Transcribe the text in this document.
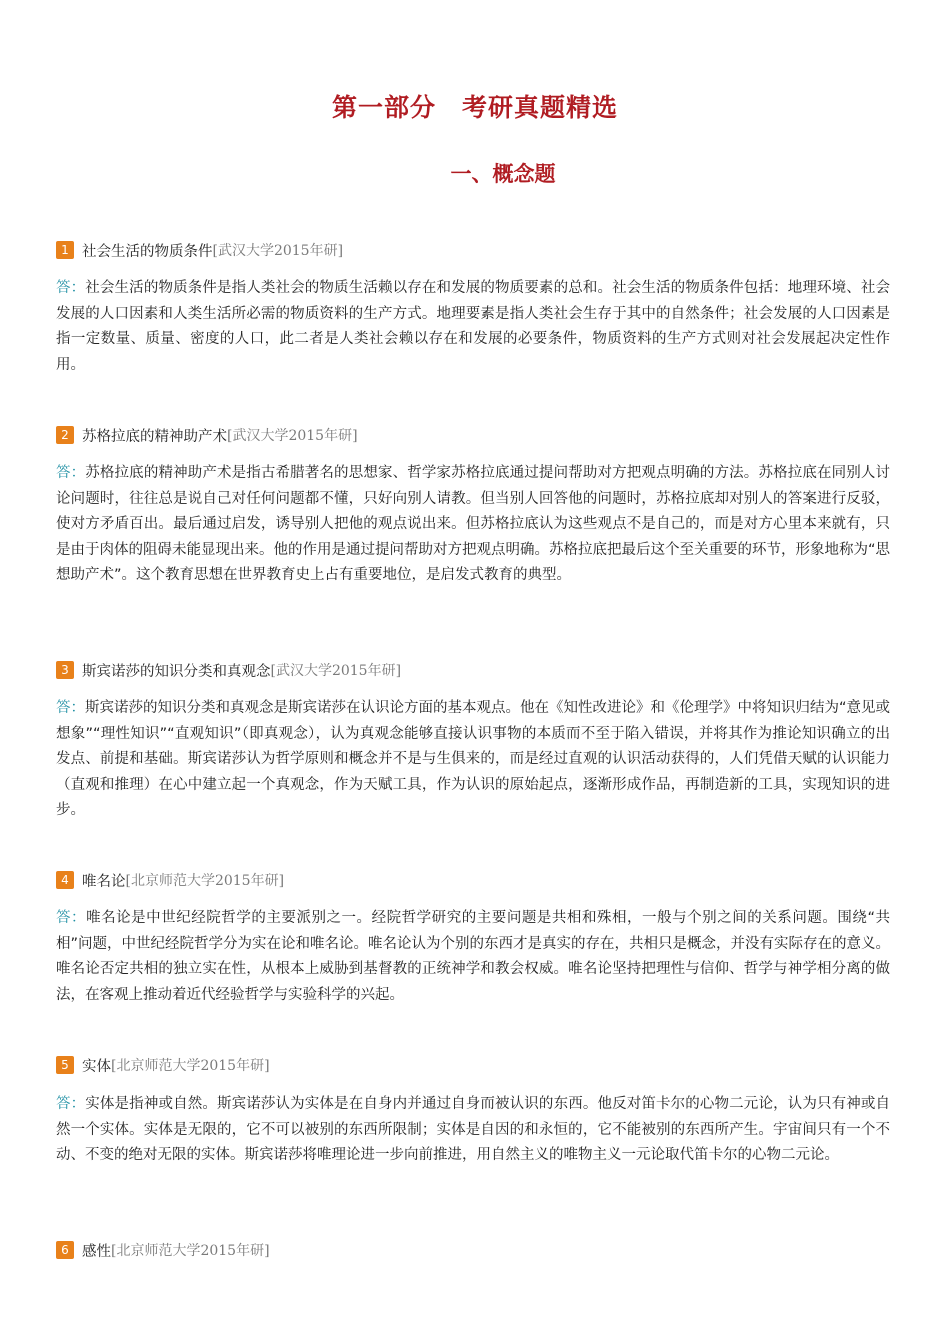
第一部分 考研真题精选
一、概念题
1 社会生活的物质条件 [武汉大学2015年研]

答：社会生活的物质条件是指人类社会的物质生活赖以存在和发展的物质要素的总和。社会生活的物质条件包括：地理环境、社会发展的人口因素和人类生活所必需的物质资料的生产方式。地理要素是指人类社会生存于其中的自然条件；社会发展的人口因素是指一定数量、质量、密度的人口，此二者是人类社会赖以存在和发展的必要条件，物质资料的生产方式则对社会发展起决定性作用。

2 苏格拉底的精神助产术 [武汉大学2015年研]

答：苏格拉底的精神助产术是指古希腊著名的思想家、哲学家苏格拉底通过提问帮助对方把观点明确的方法。苏格拉底在同别人讨论问题时，往往总是说自己对任何问题都不懂，只好向别人请教。但当别人回答他的问题时，苏格拉底却对别人的答案进行反驳，使对方矛盾百出。最后通过启发，诱导别人把他的观点说出来。但苏格拉底认为这些观点不是自己的，而是对方心里本来就有，只是由于肉体的阻碍未能显现出来。他的作用是通过提问帮助对方把观点明确。苏格拉底把最后这个至关重要的环节，形象地称为“思想助产术”。这个教育思想在世界教育史上占有重要地位，是启发式教育的典型。

3 斯宾诺莎的知识分类和真观念 [武汉大学2015年研]

答：斯宾诺莎的知识分类和真观念是斯宾诺莎在认识论方面的基本观点。他在《知性改进论》和《伦理学》中将知识归结为“意见或想象”“理性知识”“直观知识”（即真观念），认为真观念能够直接认识事物的本质而不至于陷入错误，并将其作为推论知识确立的出发点、前提和基础。斯宾诺莎认为哲学原则和概念并不是与生俱来的，而是经过直观的认识活动获得的，人们凭借天赋的认识能力（直观和推理）在心中建立起一个真观念，作为天赋工具，作为认识的原始起点，逐渐形成作品，再制造新的工具，实现知识的进步。

4 唯名论 [北京师范大学2015年研]

答：唯名论是中世纪经院哲学的主要派别之一。经院哲学研究的主要问题是共相和殊相，一般与个别之间的关系问题。围绕“共相”问题，中世纪经院哲学分为实在论和唯名论。唯名论认为个别的东西才是真实的存在，共相只是概念，并没有实际存在的意义。唯名论否定共相的独立实在性，从根本上威胁到基督教的正统神学和教会权威。唯名论坚持把理性与信仰、哲学与神学相分离的做法，在客观上推动着近代经验哲学与实验科学的兴起。

5 实体 [北京师范大学2015年研]

答：实体是指神或自然。斯宾诺莎认为实体是在自身内并通过自身而被认识的东西。他反对笛卡尔的心物二元论，认为只有神或自然一个实体。实体是无限的，它不可以被别的东西所限制；实体是自因的和永恒的，它不能被别的东西所产生。宇宙间只有一个不动、不变的绝对无限的实体。斯宾诺莎将唯理论进一步向前推进，用自然主义的唯物主义一元论取代笛卡尔的心物二元论。

6 感性 [北京师范大学2015年研]
